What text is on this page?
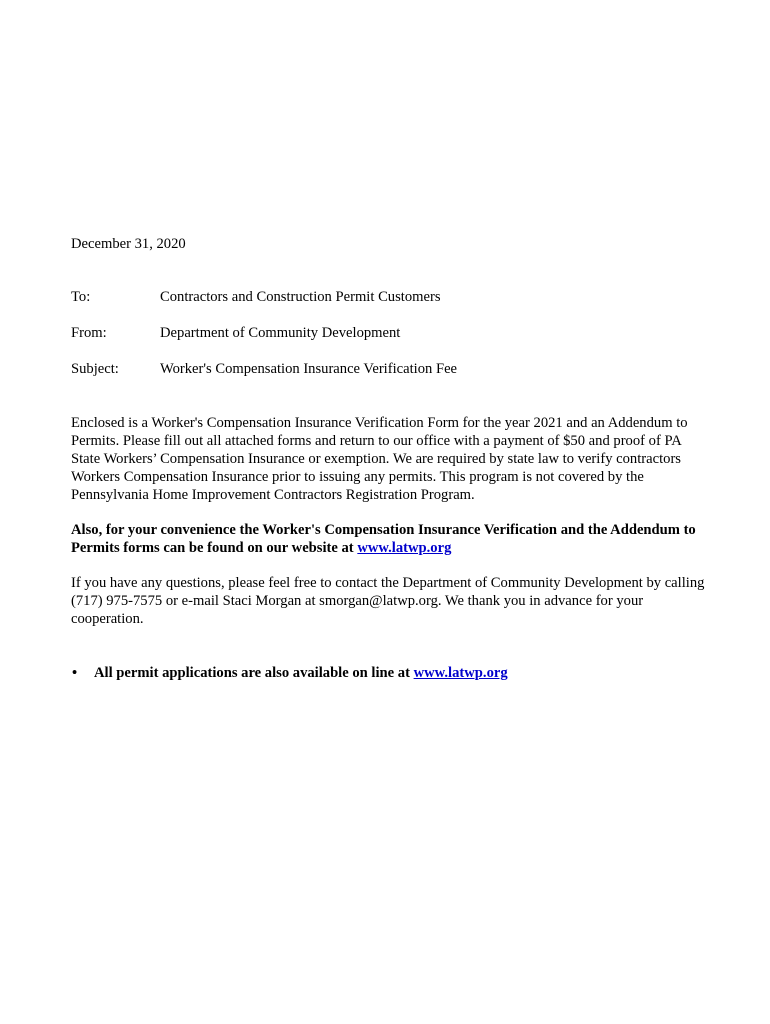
December 31, 2020
To:	Contractors and Construction Permit Customers
From:	Department of Community Development
Subject:	Worker's Compensation Insurance Verification Fee

Enclosed is a Worker's Compensation Insurance Verification Form for the year 2021 and an Addendum to Permits. Please fill out all attached forms and return to our office with a payment of $50 and proof of PA State Workers’ Compensation Insurance or exemption. We are required by state law to verify contractors Workers Compensation Insurance prior to issuing any permits. This program is not covered by the Pennsylvania Home Improvement Contractors Registration Program.

Also, for your convenience the Worker's Compensation Insurance Verification and the Addendum to Permits forms can be found on our website at www.latwp.org

If you have any questions, please feel free to contact the Department of Community Development by calling (717) 975-7575 or e-mail Staci Morgan at smorgan@latwp.org. We thank you in advance for your cooperation.

•	All permit applications are also available on line at www.latwp.org
